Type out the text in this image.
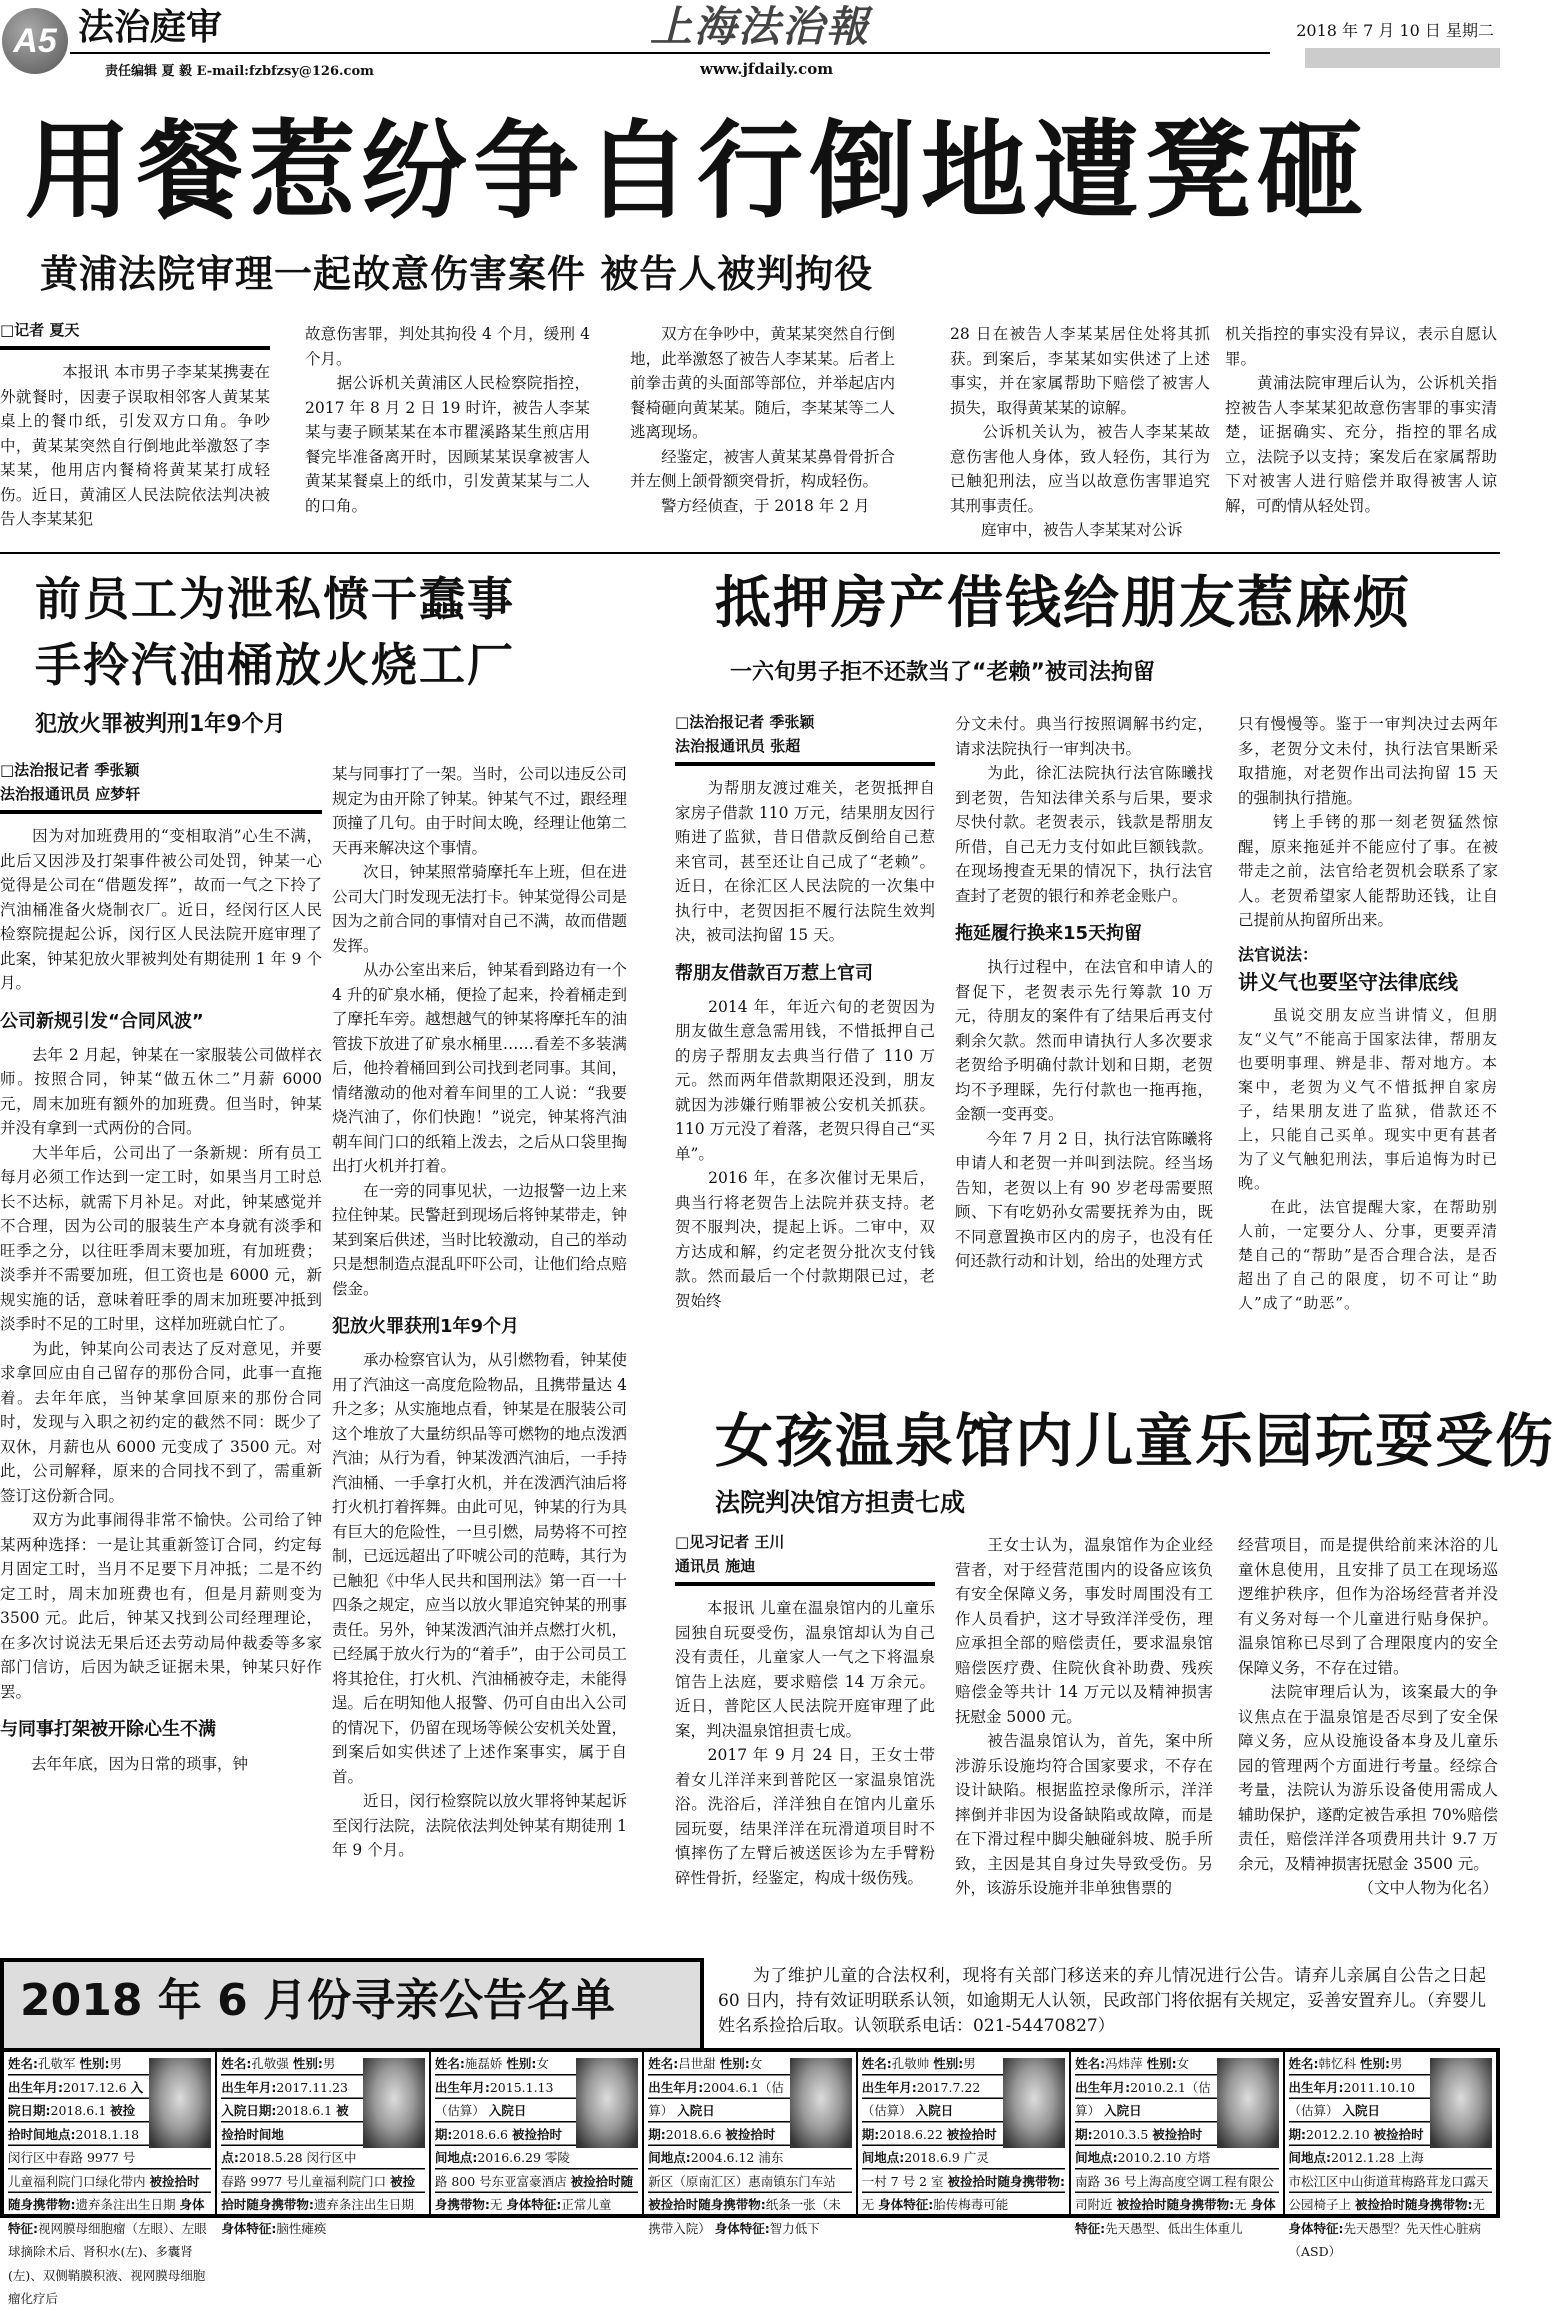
A5 法治庭审	上海法治報	2018 年 7 月 10 日 星期二
责任编辑 夏 毅 E-mail:fzbfzsy@126.com	www.jfdaily.com
用餐惹纷争自行倒地遭凳砸
黄浦法院审理一起故意伤害案件 被告人被判拘役
□记者 夏天

　　本报讯 本市男子李某某携妻在外就餐时，因妻子误取相邻客人黄某某桌上的餐巾纸，引发双方口角。争吵中，黄某某突然自行倒地此举激怒了李某某，他用店内餐椅将黄某某打成轻伤。近日，黄浦区人民法院依法判决被告人李某某犯

故意伤害罪，判处其拘役 4 个月，缓刑 4 个月。

　　据公诉机关黄浦区人民检察院指控，2017 年 8 月 2 日 19 时许，被告人李某某与妻子顾某某在本市瞿溪路某生煎店用餐完毕准备离开时，因顾某某误拿被害人黄某某餐桌上的纸巾，引发黄某某与二人的口角。

　　双方在争吵中，黄某某突然自行倒地，此举激怒了被告人李某某。后者上前拳击黄的头面部等部位，并举起店内餐椅砸向黄某某。随后，李某某等二人逃离现场。

　　经鉴定，被害人黄某某鼻骨骨折合并左侧上颌骨额突骨折，构成轻伤。

　　警方经侦查，于 2018 年 2 月

28 日在被告人李某某居住处将其抓获。到案后，李某某如实供述了上述事实，并在家属帮助下赔偿了被害人损失，取得黄某某的谅解。

　　公诉机关认为，被告人李某某故意伤害他人身体，致人轻伤，其行为已触犯刑法，应当以故意伤害罪追究其刑事责任。

　　庭审中，被告人李某某对公诉

机关指控的事实没有异议，表示自愿认罪。

　　黄浦法院审理后认为，公诉机关指控被告人李某某犯故意伤害罪的事实清楚，证据确实、充分，指控的罪名成立，法院予以支持；案发后在家属帮助下对被害人进行赔偿并取得被害人谅解，可酌情从轻处罚。

前员工为泄私愤干蠢事
手拎汽油桶放火烧工厂
犯放火罪被判刑1年9个月
□法治报记者 季张颖
法治报通讯员 应梦轩

　　因为对加班费用的“变相取消”心生不满，此后又因涉及打架事件被公司处罚，钟某一心觉得是公司在“借题发挥”，故而一气之下拎了汽油桶准备火烧制衣厂。近日，经闵行区人民检察院提起公诉，闵行区人民法院开庭审理了此案，钟某犯放火罪被判处有期徒刑 1 年 9 个月。

公司新规引发“合同风波”

　　去年 2 月起，钟某在一家服装公司做样衣师。按照合同，钟某“做五休二”月薪 6000 元，周末加班有额外的加班费。但当时，钟某并没有拿到一式两份的合同。

　　大半年后，公司出了一条新规：所有员工每月必须工作达到一定工时，如果当月工时总长不达标，就需下月补足。对此，钟某感觉并不合理，因为公司的服装生产本身就有淡季和旺季之分，以往旺季周末要加班，有加班费；淡季并不需要加班，但工资也是 6000 元，新规实施的话，意味着旺季的周末加班要冲抵到淡季时不足的工时里，这样加班就白忙了。

　　为此，钟某向公司表达了反对意见，并要求拿回应由自己留存的那份合同，此事一直拖着。去年年底，当钟某拿回原来的那份合同时，发现与入职之初约定的截然不同：既少了双休，月薪也从 6000 元变成了 3500 元。对此，公司解释，原来的合同找不到了，需重新签订这份新合同。

　　双方为此事闹得非常不愉快。公司给了钟某两种选择：一是让其重新签订合同，约定每月固定工时，当月不足要下月冲抵；二是不约定工时，周末加班费也有，但是月薪则变为 3500 元。此后，钟某又找到公司经理理论，在多次讨说法无果后还去劳动局仲裁委等多家部门信访，后因为缺乏证据未果，钟某只好作罢。

与同事打架被开除心生不满

　　去年年底，因为日常的琐事，钟

某与同事打了一架。当时，公司以违反公司规定为由开除了钟某。钟某气不过，跟经理顶撞了几句。由于时间太晚，经理让他第二天再来解决这个事情。

　　次日，钟某照常骑摩托车上班，但在进公司大门时发现无法打卡。钟某觉得公司是因为之前合同的事情对自己不满，故而借题发挥。

　　从办公室出来后，钟某看到路边有一个 4 升的矿泉水桶，便捡了起来，拎着桶走到了摩托车旁。越想越气的钟某将摩托车的油管拔下放进了矿泉水桶里……看差不多装满后，他拎着桶回到公司找到老同事。其间，情绪激动的他对着车间里的工人说：“我要烧汽油了，你们快跑！”说完，钟某将汽油朝车间门口的纸箱上泼去，之后从口袋里掏出打火机并打着。

　　在一旁的同事见状，一边报警一边上来拉住钟某。民警赶到现场后将钟某带走，钟某到案后供述，当时比较激动，自己的举动只是想制造点混乱吓吓公司，让他们给点赔偿金。

犯放火罪获刑1年9个月

　　承办检察官认为，从引燃物看，钟某使用了汽油这一高度危险物品，且携带量达 4 升之多；从实施地点看，钟某是在服装公司这个堆放了大量纺织品等可燃物的地点泼洒汽油；从行为看，钟某泼洒汽油后，一手持汽油桶、一手拿打火机，并在泼洒汽油后将打火机打着挥舞。由此可见，钟某的行为具有巨大的危险性，一旦引燃，局势将不可控制，已远远超出了吓唬公司的范畴，其行为已触犯《中华人民共和国刑法》第一百一十四条之规定，应当以放火罪追究钟某的刑事责任。另外，钟某泼洒汽油并点燃打火机，已经属于放火行为的“着手”，由于公司员工将其抢住，打火机、汽油桶被夺走，未能得逞。后在明知他人报警、仍可自由出入公司的情况下，仍留在现场等候公安机关处置，到案后如实供述了上述作案事实，属于自首。

　　近日，闵行检察院以放火罪将钟某起诉至闵行法院，法院依法判处钟某有期徒刑 1 年 9 个月。

抵押房产借钱给朋友惹麻烦
一六旬男子拒不还款当了“老赖”被司法拘留
□法治报记者 季张颖
法治报通讯员 张超

　　为帮朋友渡过难关，老贺抵押自家房子借款 110 万元，结果朋友因行贿进了监狱，昔日借款反倒给自己惹来官司，甚至还让自己成了“老赖”。近日，在徐汇区人民法院的一次集中执行中，老贺因拒不履行法院生效判决，被司法拘留 15 天。

帮朋友借款百万惹上官司

　　2014 年，年近六旬的老贺因为朋友做生意急需用钱，不惜抵押自己的房子帮朋友去典当行借了 110 万元。然而两年借款期限还没到，朋友就因为涉嫌行贿罪被公安机关抓获。110 万元没了着落，老贺只得自己“买单”。

　　2016 年，在多次催讨无果后，典当行将老贺告上法院并获支持。老贺不服判决，提起上诉。二审中，双方达成和解，约定老贺分批次支付钱款。然而最后一个付款期限已过，老贺始终

分文未付。典当行按照调解书约定，请求法院执行一审判决书。

　　为此，徐汇法院执行法官陈曦找到老贺，告知法律关系与后果，要求尽快付款。老贺表示，钱款是帮朋友所借，自己无力支付如此巨额钱款。在现场搜查无果的情况下，执行法官查封了老贺的银行和养老金账户。

拖延履行换来15天拘留

　　执行过程中，在法官和申请人的督促下，老贺表示先行筹款 10 万元，待朋友的案件有了结果后再支付剩余欠款。然而申请执行人多次要求老贺给予明确付款计划和日期，老贺均不予理睬，先行付款也一拖再拖，金额一变再变。

　　今年 7 月 2 日，执行法官陈曦将申请人和老贺一并叫到法院。经当场告知，老贺以上有 90 岁老母需要照顾、下有吃奶孙女需要抚养为由，既不同意置换市区内的房子，也没有任何还款行动和计划，给出的处理方式

只有慢慢等。鉴于一审判决过去两年多，老贺分文未付，执行法官果断采取措施，对老贺作出司法拘留 15 天的强制执行措施。

　　铐上手铐的那一刻老贺猛然惊醒，原来拖延并不能应付了事。在被带走之前，法官给老贺机会联系了家人。老贺希望家人能帮助还钱，让自己提前从拘留所出来。

法官说法：
讲义气也要坚守法律底线

　　虽说交朋友应当讲情义，但朋友“义气”不能高于国家法律，帮朋友也要明事理、辨是非、帮对地方。本案中，老贺为义气不惜抵押自家房子，结果朋友进了监狱，借款还不上，只能自己买单。现实中更有甚者为了义气触犯刑法，事后追悔为时已晚。

　　在此，法官提醒大家，在帮助别人前，一定要分人、分事，更要弄清楚自己的“帮助”是否合理合法，是否超出了自己的限度，切不可让“助人”成了“助恶”。

女孩温泉馆内儿童乐园玩耍受伤
法院判决馆方担责七成
□见习记者 王川
通讯员 施迪

　　本报讯 儿童在温泉馆内的儿童乐园独自玩耍受伤，温泉馆却认为自己没有责任，儿童家人一气之下将温泉馆告上法庭，要求赔偿 14 万余元。近日，普陀区人民法院开庭审理了此案，判决温泉馆担责七成。

　　2017 年 9 月 24 日，王女士带着女儿洋洋来到普陀区一家温泉馆洗浴。洗浴后，洋洋独自在馆内儿童乐园玩耍，结果洋洋在玩滑道项目时不慎摔伤了左臂后被送医诊为左手臂粉碎性骨折，经鉴定，构成十级伤残。

　　王女士认为，温泉馆作为企业经营者，对于经营范围内的设备应该负有安全保障义务，事发时周围没有工作人员看护，这才导致洋洋受伤，理应承担全部的赔偿责任，要求温泉馆赔偿医疗费、住院伙食补助费、残疾赔偿金等共计 14 万元以及精神损害抚慰金 5000 元。

　　被告温泉馆认为，首先，案中所涉游乐设施均符合国家要求，不存在设计缺陷。根据监控录像所示，洋洋摔倒并非因为设备缺陷或故障，而是在下滑过程中脚尖触碰斜坡、脱手所致，主因是其自身过失导致受伤。另外，该游乐设施并非单独售票的

经营项目，而是提供给前来沐浴的儿童休息使用，且安排了员工在现场巡逻维护秩序，但作为浴场经营者并没有义务对每一个儿童进行贴身保护。温泉馆称已尽到了合理限度内的安全保障义务，不存在过错。

　　法院审理后认为，该案最大的争议焦点在于温泉馆是否尽到了安全保障义务，应从设施设备本身及儿童乐园的管理两个方面进行考量。经综合考量，法院认为游乐设备使用需成人辅助保护，遂酌定被告承担 70%赔偿责任，赔偿洋洋各项费用共计 9.7 万余元，及精神损害抚慰金 3500 元。

（文中人物为化名）

2018 年 6 月份寻亲公告名单	　　为了维护儿童的合法权利，现将有关部门移送来的弃儿情况进行公告。请弃儿亲属自公告之日起 60 日内，持有效证明联系认领，如逾期无人认领，民政部门将依据有关规定，妥善安置弃儿。（弃婴儿姓名系捡拾后取。认领联系电话：021-54470827）
姓名:孔敬军 性别:男
出生年月:2017.12.6 入院日期:2018.6.1 被捡拾时间地点:2018.1.18 闵行区中春路 9977 号儿童福利院门口绿化带内 被捡拾时随身携带物:遗弃条注出生日期 身体特征:视网膜母细胞瘤（左眼）、左眼球摘除术后、肾积水(左)、多囊肾(左)、双侧鞘膜积液、视网膜母细胞瘤化疗后
姓名:孔敬强 性别:男
出生年月:2017.11.23 入院日期:2018.6.1 被捡拾时间地点:2018.5.28 闵行区中春路 9977 号儿童福利院门口 被捡拾时随身携带物:遗弃条注出生日期 身体特征:脑性瘫痪
姓名:施磊娇 性别:女
出生年月:2015.1.13（估算） 入院日期:2018.6.6 被捡拾时间地点:2016.6.29 零陵路 800 号东亚富豪酒店 被捡拾时随身携带物:无 身体特征:正常儿童
姓名:吕世甜 性别:女
出生年月:2004.6.1（估算） 入院日期:2018.6.6 被捡拾时间地点:2004.6.12 浦东新区（原南汇区）惠南镇东门车站 被捡拾时随身携带物:纸条一张（未携带入院） 身体特征:智力低下
姓名:孔敬帅 性别:男
出生年月:2017.7.22（估算） 入院日期:2018.6.22 被捡拾时间地点:2018.6.9 广灵一村 7 号 2 室 被捡拾时随身携带物:无 身体特征:胎传梅毒可能
姓名:冯炜萍 性别:女
出生年月:2010.2.1（估算） 入院日期:2010.3.5 被捡拾时间地点:2010.2.10 方塔南路 36 号上海高度空调工程有限公司附近 被捡拾时随身携带物:无 身体特征:先天愚型、低出生体重儿
姓名:韩忆科 性别:男
出生年月:2011.10.10（估算） 入院日期:2012.2.10 被捡拾时间地点:2012.1.28 上海市松江区中山街道茸梅路茸龙口露天公园椅子上 被捡拾时随身携带物:无 身体特征:先天愚型？先天性心脏病（ASD）
